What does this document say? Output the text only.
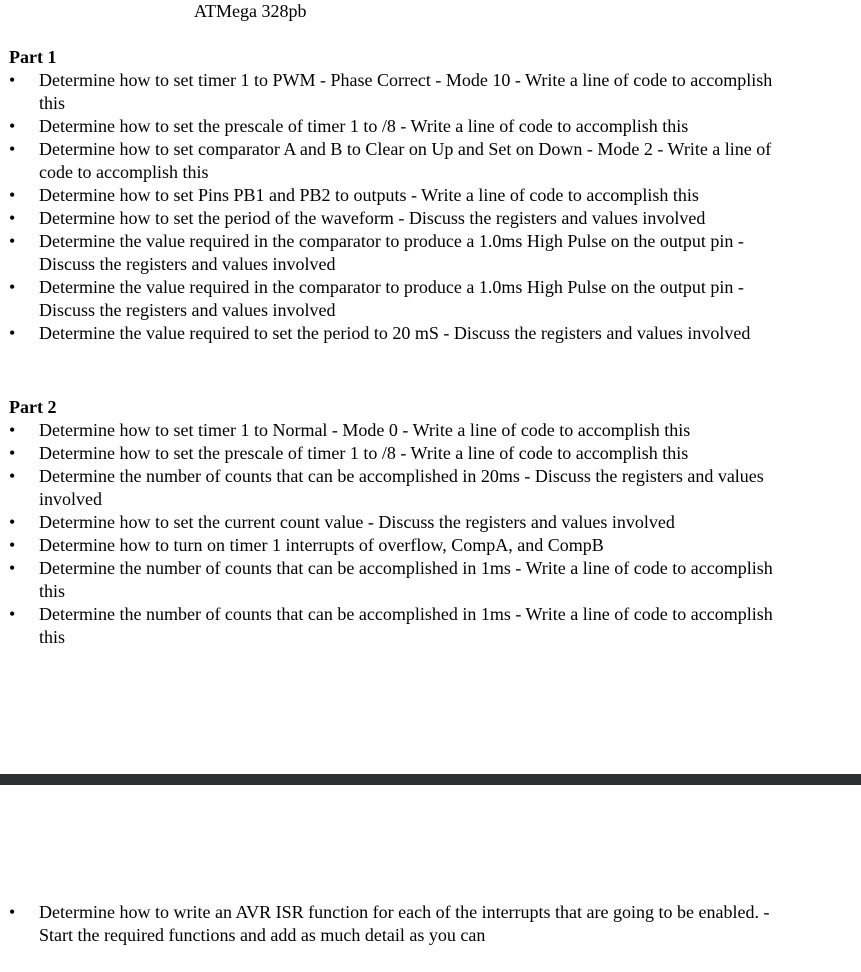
ATMega 328pb
Part 1
• Determine how to set timer 1 to PWM - Phase Correct - Mode 10 - Write a line of code to accomplish this
• Determine how to set the prescale of timer 1 to /8 - Write a line of code to accomplish this
• Determine how to set comparator A and B to Clear on Up and Set on Down - Mode 2 - Write a line of code to accomplish this
• Determine how to set Pins PB1 and PB2 to outputs - Write a line of code to accomplish this
• Determine how to set the period of the waveform - Discuss the registers and values involved
• Determine the value required in the comparator to produce a 1.0ms High Pulse on the output pin - Discuss the registers and values involved
• Determine the value required in the comparator to produce a 1.0ms High Pulse on the output pin - Discuss the registers and values involved
• Determine the value required to set the period to 20 mS - Discuss the registers and values involved
Part 2
• Determine how to set timer 1 to Normal - Mode 0 - Write a line of code to accomplish this
• Determine how to set the prescale of timer 1 to /8 - Write a line of code to accomplish this
• Determine the number of counts that can be accomplished in 20ms - Discuss the registers and values involved
• Determine how to set the current count value - Discuss the registers and values involved
• Determine how to turn on timer 1 interrupts of overflow, CompA, and CompB
• Determine the number of counts that can be accomplished in 1ms - Write a line of code to accomplish this
• Determine the number of counts that can be accomplished in 1ms - Write a line of code to accomplish this
• Determine how to write an AVR ISR function for each of the interrupts that are going to be enabled. - Start the required functions and add as much detail as you can
